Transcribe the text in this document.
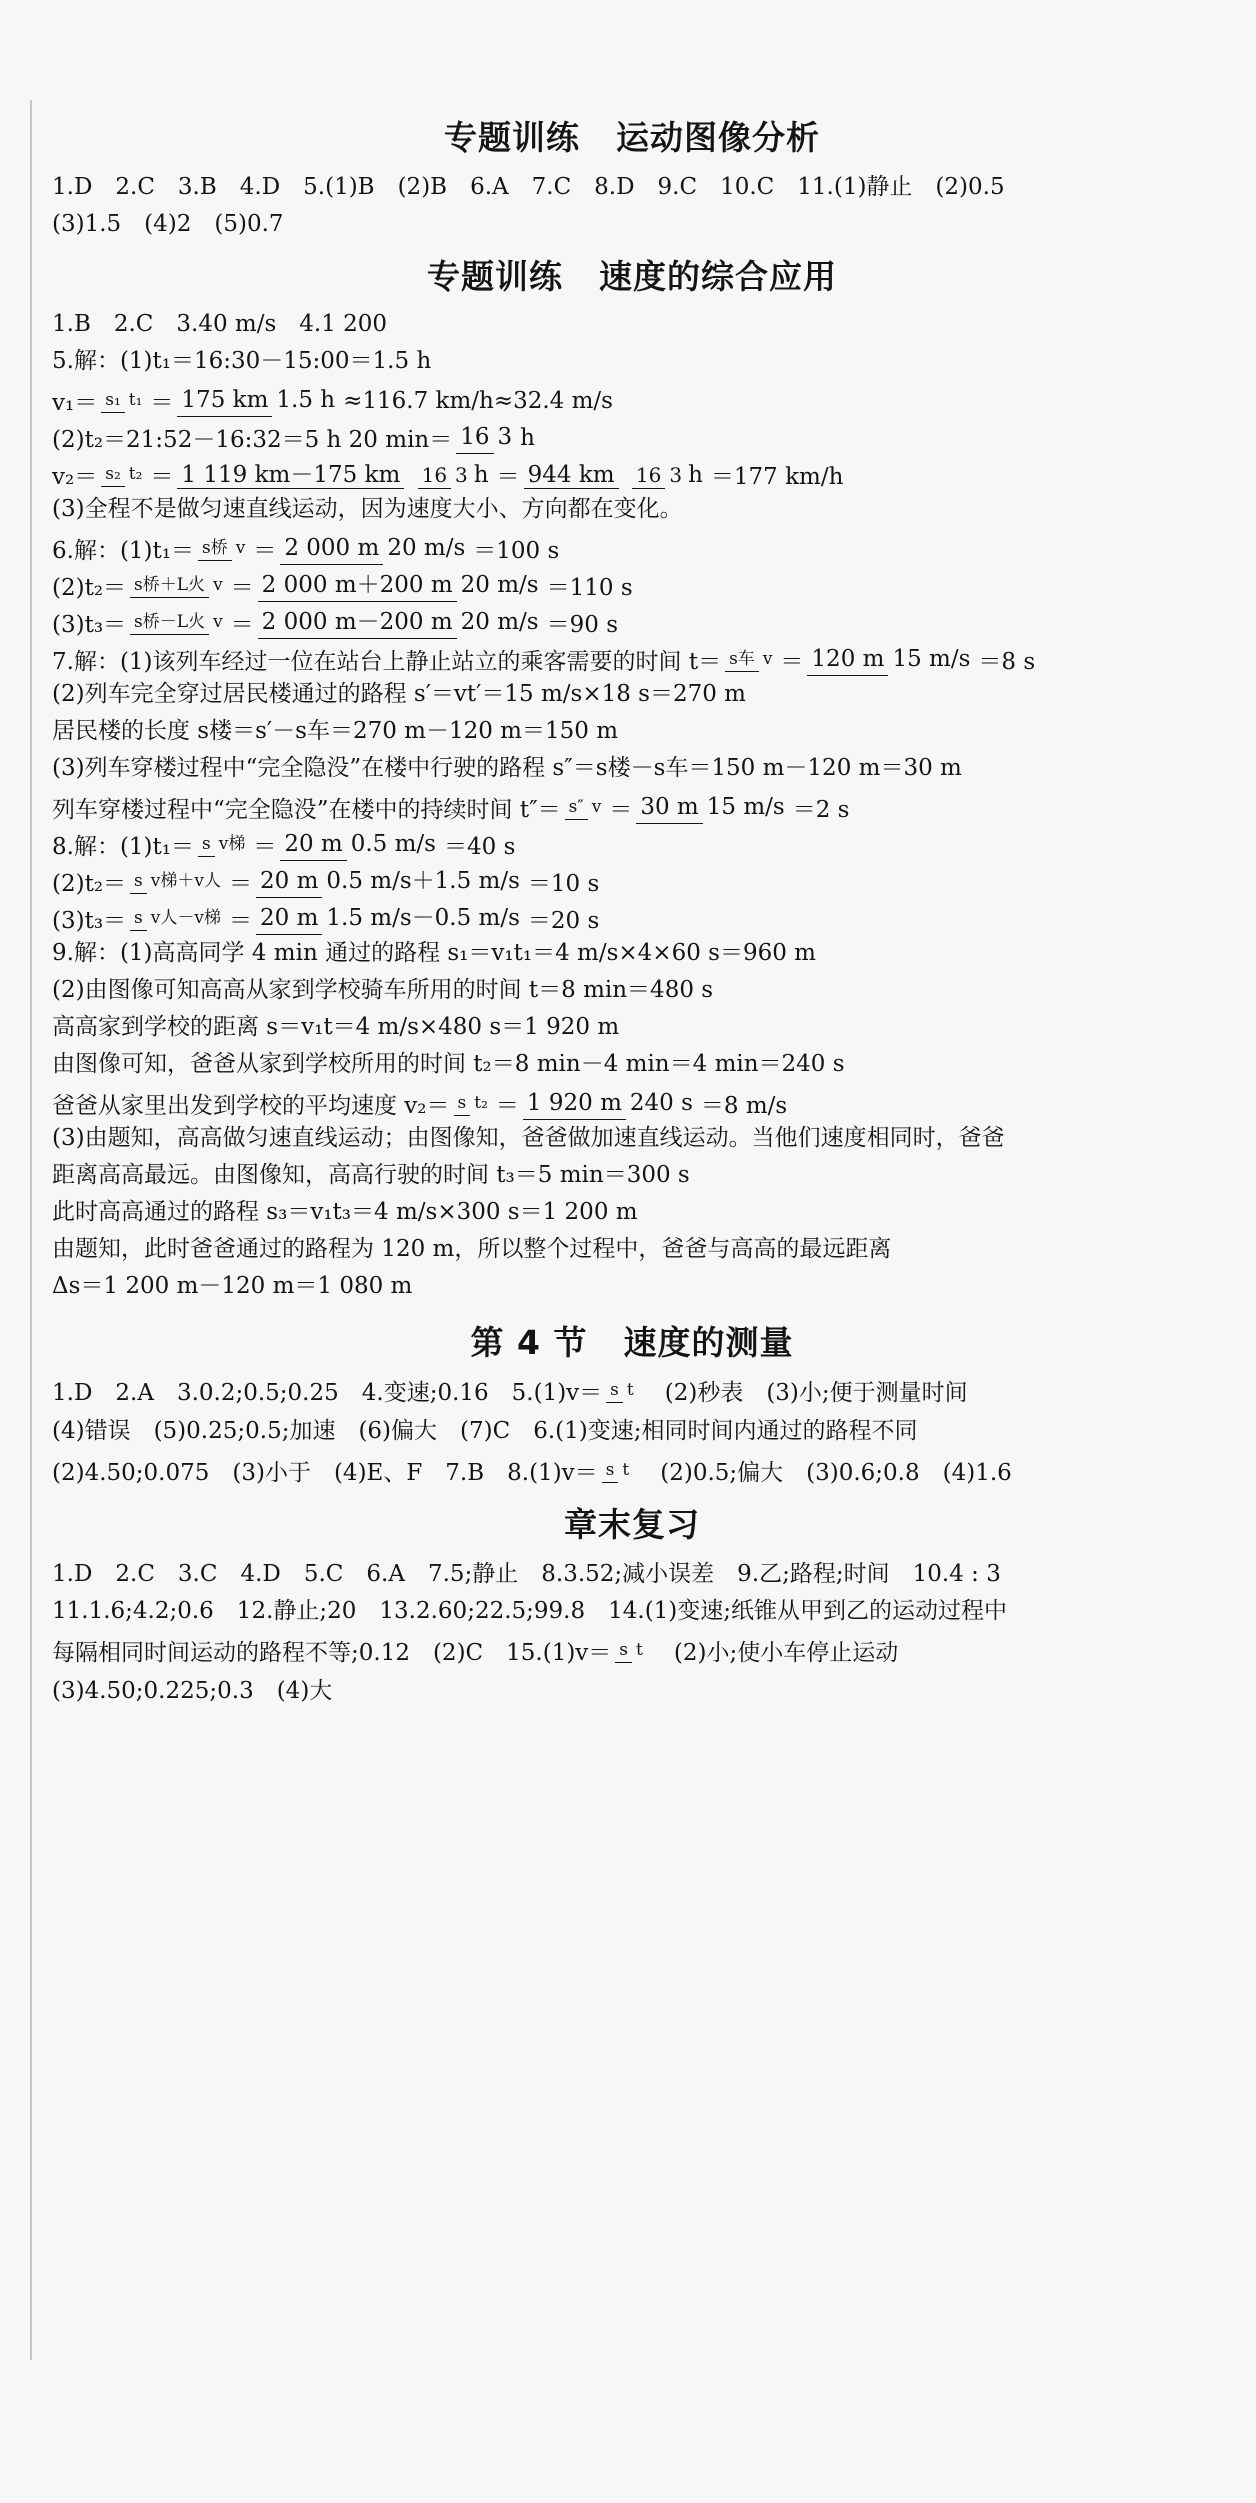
专题训练 运动图像分析
1.D　2.C　3.B　4.D　5.(1)B　(2)B　6.A　7.C　8.D　9.C　10.C　11.(1)静止　(2)0.5
(3)1.5　(4)2　(5)0.7
专题训练 速度的综合应用
1.B　2.C　3.40 m/s　4.1 200
5.解：(1)t₁＝16:30－15:00＝1.5 h
v₁＝ s₁ t₁ ＝ 175 km 1.5 h ≈116.7 km/h≈32.4 m/s
(2)t₂＝21:52－16:32＝5 h 20 min＝ 16 3 h
v₂＝ s₂ t₂ ＝ 1 119 km－175 km 16 3 h ＝ 944 km 16 3 h ＝177 km/h
(3)全程不是做匀速直线运动，因为速度大小、方向都在变化。
6.解：(1)t₁＝ s桥 v ＝ 2 000 m 20 m/s ＝100 s
(2)t₂＝ s桥＋L火 v ＝ 2 000 m＋200 m 20 m/s ＝110 s
(3)t₃＝ s桥－L火 v ＝ 2 000 m－200 m 20 m/s ＝90 s
7.解：(1)该列车经过一位在站台上静止站立的乘客需要的时间 t＝ s车 v ＝ 120 m 15 m/s ＝8 s
(2)列车完全穿过居民楼通过的路程 s′＝vt′＝15 m/s×18 s＝270 m
居民楼的长度 s楼＝s′－s车＝270 m－120 m＝150 m
(3)列车穿楼过程中“完全隐没”在楼中行驶的路程 s″＝s楼－s车＝150 m－120 m＝30 m
列车穿楼过程中“完全隐没”在楼中的持续时间 t″＝ s″ v ＝ 30 m 15 m/s ＝2 s
8.解：(1)t₁＝ s v梯 ＝ 20 m 0.5 m/s ＝40 s
(2)t₂＝ s v梯＋v人 ＝ 20 m 0.5 m/s＋1.5 m/s ＝10 s
(3)t₃＝ s v人－v梯 ＝ 20 m 1.5 m/s－0.5 m/s ＝20 s
9.解：(1)高高同学 4 min 通过的路程 s₁＝v₁t₁＝4 m/s×4×60 s＝960 m
(2)由图像可知高高从家到学校骑车所用的时间 t＝8 min＝480 s
高高家到学校的距离 s＝v₁t＝4 m/s×480 s＝1 920 m
由图像可知，爸爸从家到学校所用的时间 t₂＝8 min－4 min＝4 min＝240 s
爸爸从家里出发到学校的平均速度 v₂＝ s t₂ ＝ 1 920 m 240 s ＝8 m/s
(3)由题知，高高做匀速直线运动；由图像知，爸爸做加速直线运动。当他们速度相同时，爸爸
距离高高最远。由图像知，高高行驶的时间 t₃＝5 min＝300 s
此时高高通过的路程 s₃＝v₁t₃＝4 m/s×300 s＝1 200 m
由题知，此时爸爸通过的路程为 120 m，所以整个过程中，爸爸与高高的最远距离
Δs＝1 200 m－120 m＝1 080 m
第 4 节 速度的测量
1.D　2.A　3.0.2;0.5;0.25　4.变速;0.16　5.(1)v＝ s t 　(2)秒表　(3)小;便于测量时间
(4)错误　(5)0.25;0.5;加速　(6)偏大　(7)C　6.(1)变速;相同时间内通过的路程不同
(2)4.50;0.075　(3)小于　(4)E、F　7.B　8.(1)v＝ s t 　(2)0.5;偏大　(3)0.6;0.8　(4)1.6
章末复习
1.D　2.C　3.C　4.D　5.C　6.A　7.5;静止　8.3.52;减小误差　9.乙;路程;时间　10.4 : 3
11.1.6;4.2;0.6　12.静止;20　13.2.60;22.5;99.8　14.(1)变速;纸锥从甲到乙的运动过程中
每隔相同时间运动的路程不等;0.12　(2)C　15.(1)v＝ s t 　(2)小;使小车停止运动
(3)4.50;0.225;0.3　(4)大
